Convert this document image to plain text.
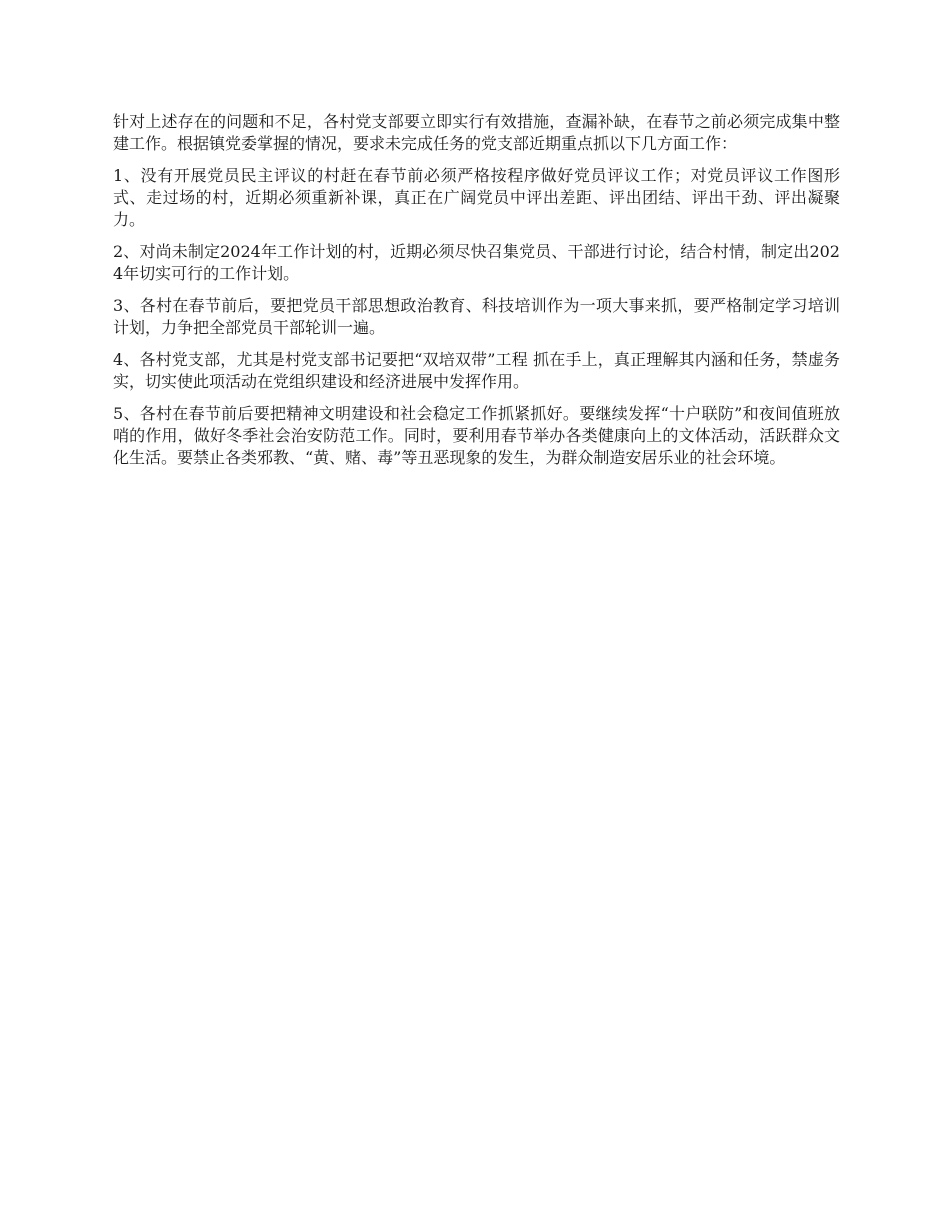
针对上述存在的问题和不足，各村党支部要立即实行有效措施，查漏补缺，在春节之前必须完成集中整建工作。根据镇党委掌握的情况，要求未完成任务的党支部近期重点抓以下几方面工作：

1、没有开展党员民主评议的村赶在春节前必须严格按程序做好党员评议工作；对党员评议工作图形式、走过场的村，近期必须重新补课，真正在广阔党员中评出差距、评出团结、评出干劲、评出凝聚力。

2、对尚未制定2024年工作计划的村，近期必须尽快召集党员、干部进行讨论，结合村情，制定出2024年切实可行的工作计划。

3、各村在春节前后，要把党员干部思想政治教育、科技培训作为一项大事来抓，要严格制定学习培训计划，力争把全部党员干部轮训一遍。

4、各村党支部，尤其是村党支部书记要把“双培双带”工程 抓在手上，真正理解其内涵和任务，禁虚务实，切实使此项活动在党组织建设和经济进展中发挥作用。

5、各村在春节前后要把精神文明建设和社会稳定工作抓紧抓好。要继续发挥“十户联防”和夜间值班放哨的作用，做好冬季社会治安防范工作。同时，要利用春节举办各类健康向上的文体活动，活跃群众文化生活。要禁止各类邪教、“黄、赌、毒”等丑恶现象的发生，为群众制造安居乐业的社会环境。
